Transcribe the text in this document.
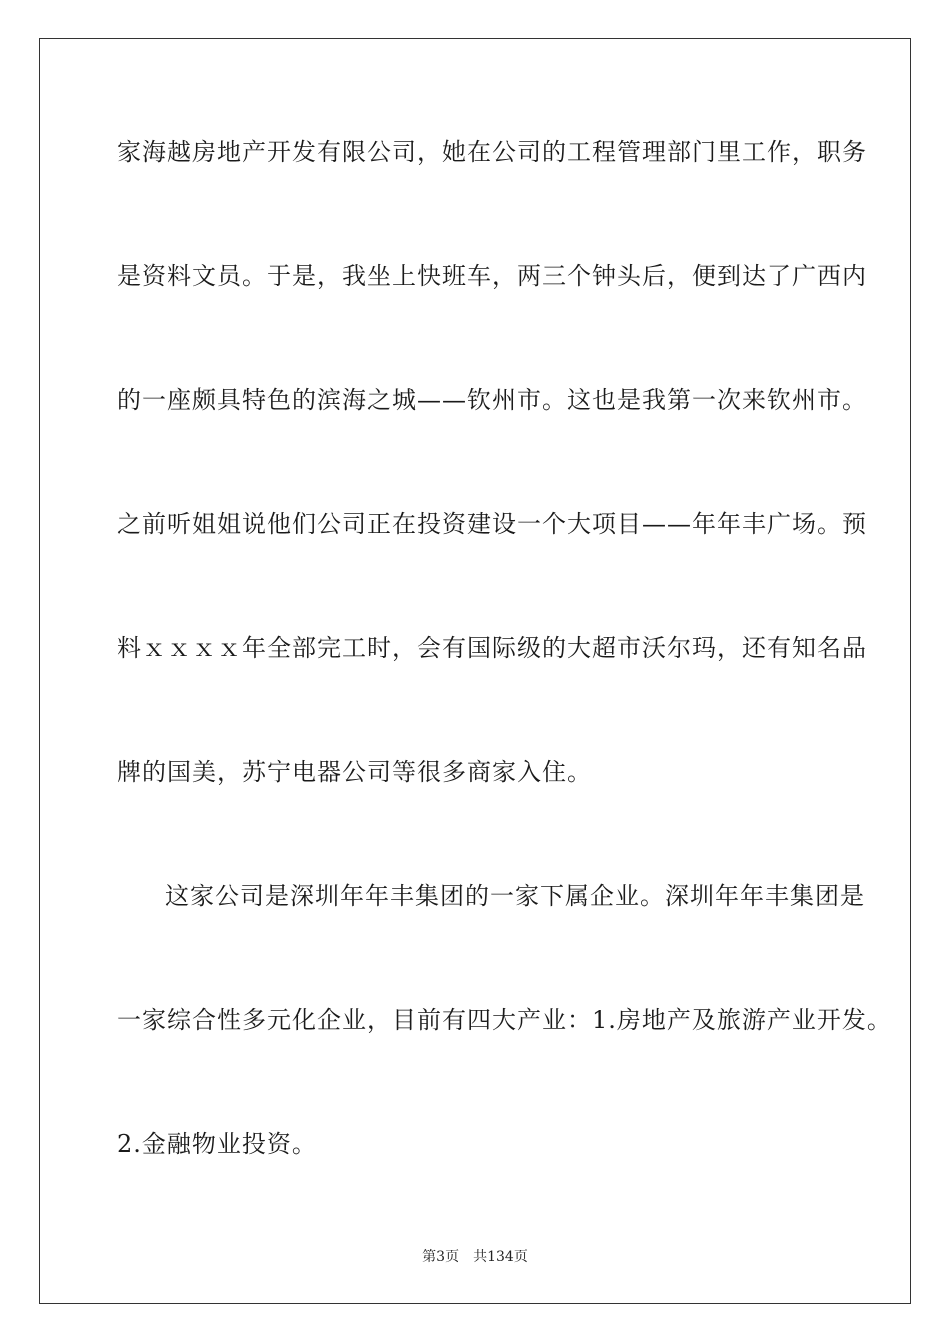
家海越房地产开发有限公司，她在公司的工程管理部门里工作，职务
是资料文员。于是，我坐上快班车，两三个钟头后，便到达了广西内
的一座颇具特色的滨海之城——钦州市。这也是我第一次来钦州市。
之前听姐姐说他们公司正在投资建设一个大项目——年年丰广场。预
料ｘｘｘｘ年全部完工时，会有国际级的大超市沃尔玛，还有知名品
牌的国美，苏宁电器公司等很多商家入住。
这家公司是深圳年年丰集团的一家下属企业。深圳年年丰集团是
一家综合性多元化企业，目前有四大产业：1.房地产及旅游产业开发。
2.金融物业投资。
第3页 共134页
